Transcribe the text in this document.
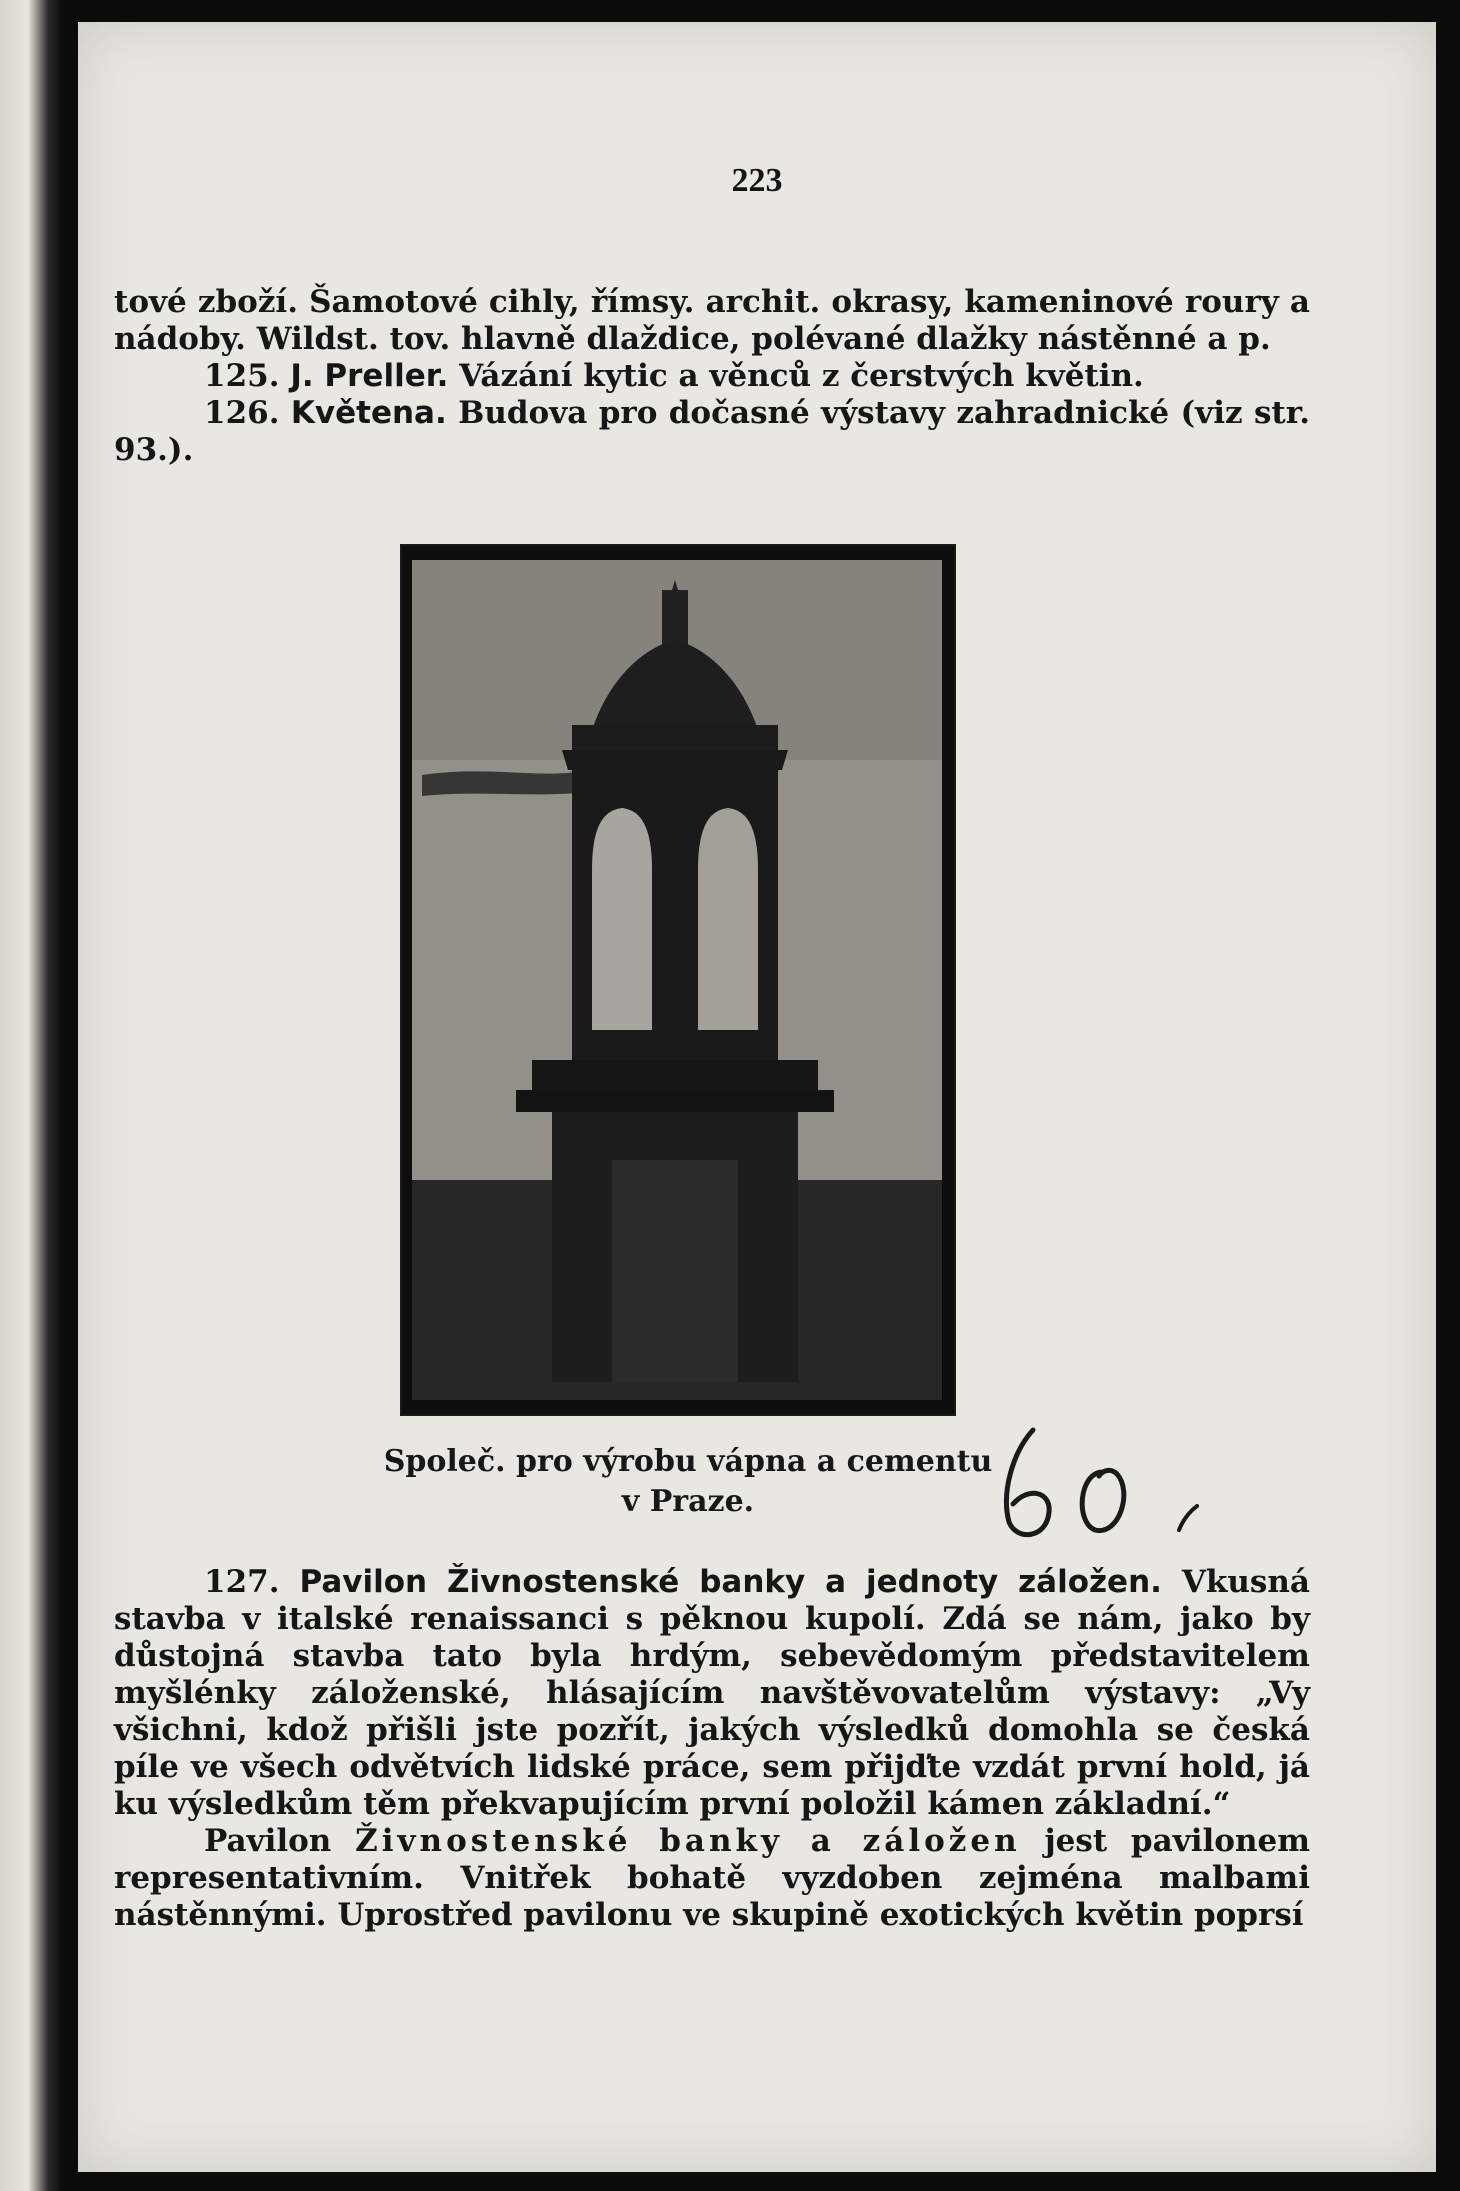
223

tové zboží. Šamotové cihly, římsy. archit. okrasy, kameninové roury a nádoby. Wildst. tov. hlavně dlaždice, polévané dlažky nástěnné a p.

125. J. Preller. Vázání kytic a věnců z čerstvých květin.

126. Květena. Budova pro dočasné výstavy zahradnické (viz str. 93.).

Společ. pro výrobu vápna a cementu
v Praze.

127. Pavilon Živnostenské banky a jednoty záložen. Vkusná stavba v italské renaissanci s pěknou kupolí. Zdá se nám, jako by důstojná stavba tato byla hrdým, sebevědomým představitelem myšlénky záloženské, hlásajícím navštěvovatelům výstavy: „Vy všichni, kdož přišli jste pozřít, jakých výsledků domohla se česká píle ve všech odvětvích lidské práce, sem přijďte vzdát první hold, já ku výsledkům těm překvapujícím první položil kámen základní.“

Pavilon Živnostenské banky a záložen jest pavilonem representativním. Vnitřek bohatě vyzdoben zejména malbami nástěnnými. Uprostřed pavilonu ve skupině exotických květin poprsí
